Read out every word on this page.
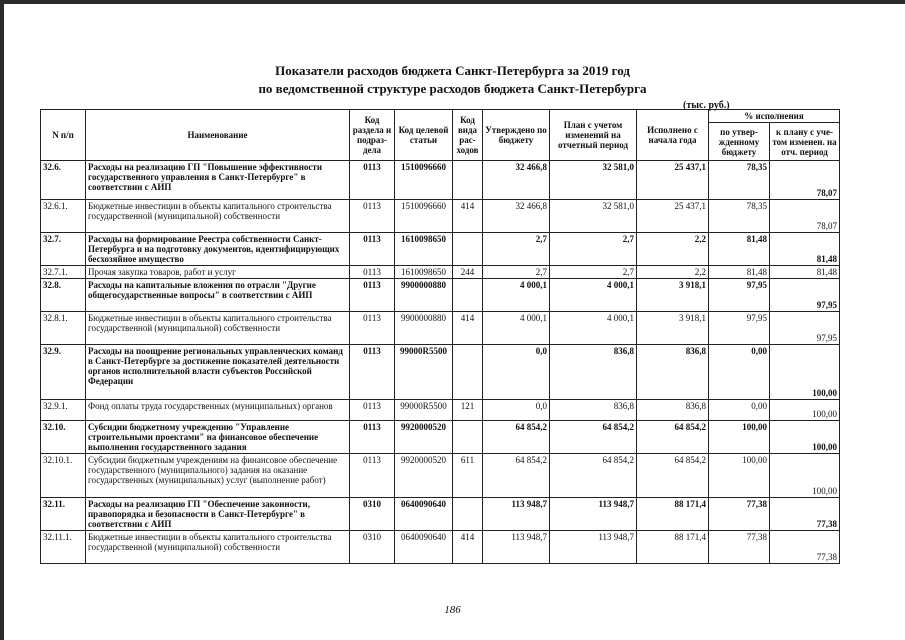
Показатели расходов бюджета Санкт-Петербурга за 2019 год
по ведомственной структуре расходов бюджета Санкт-Петербурга
(тыс. руб.)
N п/п	Наименование	Код раздела и подраз-дела	Код целевой статьи	Код вида рас-ходов	Утверждено по бюджету	План с учетом изменений на отчетный период	Исполнено с начала года	% исполнения	
								по утвер-жденному бюджету	к плану с уче-том изменен. на отч. период
32.6.	Расходы на реализацию ГП "Повышение эффективности государственного управления в Санкт-Петербурге" в соответствии с АИП	0113	1510096660		32 466,8	32 581,0	25 437,1	78,35	78,07
32.6.1.	Бюджетные инвестиции в объекты капитального строительства государственной (муниципальной) собственности	0113	1510096660	414	32 466,8	32 581,0	25 437,1	78,35	78,07
32.7.	Расходы на формирование Реестра собственности Санкт-Петербурга и на подготовку документов, идентифицирующих бесхозяйное имущество	0113	1610098650		2,7	2,7	2,2	81,48	81,48
32.7.1.	Прочая закупка товаров, работ и услуг	0113	1610098650	244	2,7	2,7	2,2	81,48	81,48
32.8.	Расходы на капитальные вложения по отрасли "Другие общегосударственные вопросы" в соответствии с АИП	0113	9900000880		4 000,1	4 000,1	3 918,1	97,95	97,95
32.8.1.	Бюджетные инвестиции в объекты капитального строительства государственной (муниципальной) собственности	0113	9900000880	414	4 000,1	4 000,1	3 918,1	97,95	97,95
32.9.	Расходы на поощрение региональных управленческих команд в Санкт-Петербурге за достижение показателей деятельности органов исполнительной власти субъектов Российской Федерации	0113	99000R5500		0,0	836,8	836,8	0,00	100,00
32.9.1.	Фонд оплаты труда государственных (муниципальных) органов	0113	99000R5500	121	0,0	836,8	836,8	0,00	100,00
32.10.	Субсидии бюджетному учреждению "Управление строительными проектами" на финансовое обеспечение выполнения государственного задания	0113	9920000520		64 854,2	64 854,2	64 854,2	100,00	100,00
32.10.1.	Субсидии бюджетным учреждениям на финансовое обеспечение государственного (муниципального) задания на оказание государственных (муниципальных) услуг (выполнение работ)	0113	9920000520	611	64 854,2	64 854,2	64 854,2	100,00	100,00
32.11.	Расходы на реализацию ГП "Обеспечение законности, правопорядка и безопасности в Санкт-Петербурге" в соответствии с АИП	0310	0640090640		113 948,7	113 948,7	88 171,4	77,38	77,38
32.11.1.	Бюджетные инвестиции в объекты капитального строительства государственной (муниципальной) собственности	0310	0640090640	414	113 948,7	113 948,7	88 171,4	77,38	77,38
186
